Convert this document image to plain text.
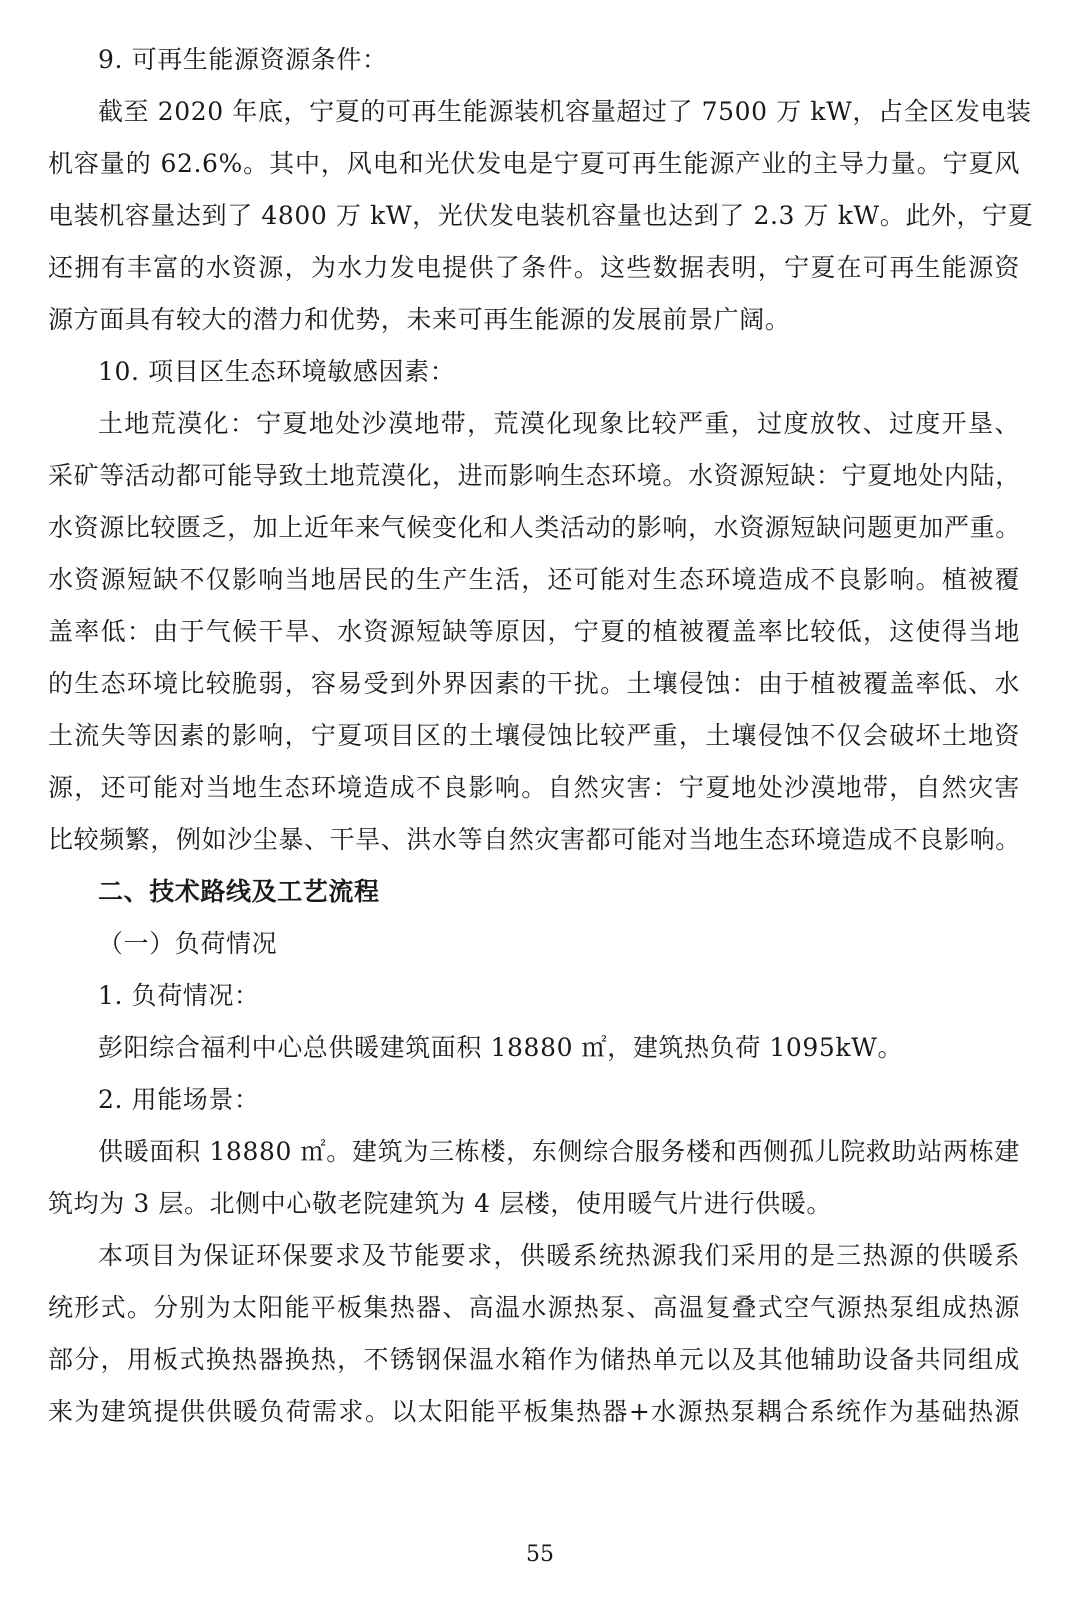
9. 可再生能源资源条件：
截至 2020 年底，宁夏的可再生能源装机容量超过了 7500 万 kW，占全区发电装
机容量的 62.6%。其中，风电和光伏发电是宁夏可再生能源产业的主导力量。宁夏风
电装机容量达到了 4800 万 kW，光伏发电装机容量也达到了 2.3 万 kW。此外，宁夏
还拥有丰富的水资源，为水力发电提供了条件。这些数据表明，宁夏在可再生能源资
源方面具有较大的潜力和优势，未来可再生能源的发展前景广阔。
10. 项目区生态环境敏感因素：
土地荒漠化：宁夏地处沙漠地带，荒漠化现象比较严重，过度放牧、过度开垦、
采矿等活动都可能导致土地荒漠化，进而影响生态环境。水资源短缺：宁夏地处内陆，
水资源比较匮乏，加上近年来气候变化和人类活动的影响，水资源短缺问题更加严重。
水资源短缺不仅影响当地居民的生产生活，还可能对生态环境造成不良影响。植被覆
盖率低：由于气候干旱、水资源短缺等原因，宁夏的植被覆盖率比较低，这使得当地
的生态环境比较脆弱，容易受到外界因素的干扰。土壤侵蚀：由于植被覆盖率低、水
土流失等因素的影响，宁夏项目区的土壤侵蚀比较严重，土壤侵蚀不仅会破坏土地资
源，还可能对当地生态环境造成不良影响。自然灾害：宁夏地处沙漠地带，自然灾害
比较频繁，例如沙尘暴、干旱、洪水等自然灾害都可能对当地生态环境造成不良影响。
二、技术路线及工艺流程
（一）负荷情况
1. 负荷情况：
彭阳综合福利中心总供暖建筑面积 18880 ㎡，建筑热负荷 1095kW。
2. 用能场景：
供暖面积 18880 ㎡。建筑为三栋楼，东侧综合服务楼和西侧孤儿院救助站两栋建
筑均为 3 层。北侧中心敬老院建筑为 4 层楼，使用暖气片进行供暖。
本项目为保证环保要求及节能要求，供暖系统热源我们采用的是三热源的供暖系
统形式。分别为太阳能平板集热器、高温水源热泵、高温复叠式空气源热泵组成热源
部分，用板式换热器换热，不锈钢保温水箱作为储热单元以及其他辅助设备共同组成
来为建筑提供供暖负荷需求。以太阳能平板集热器+水源热泵耦合系统作为基础热源
55
